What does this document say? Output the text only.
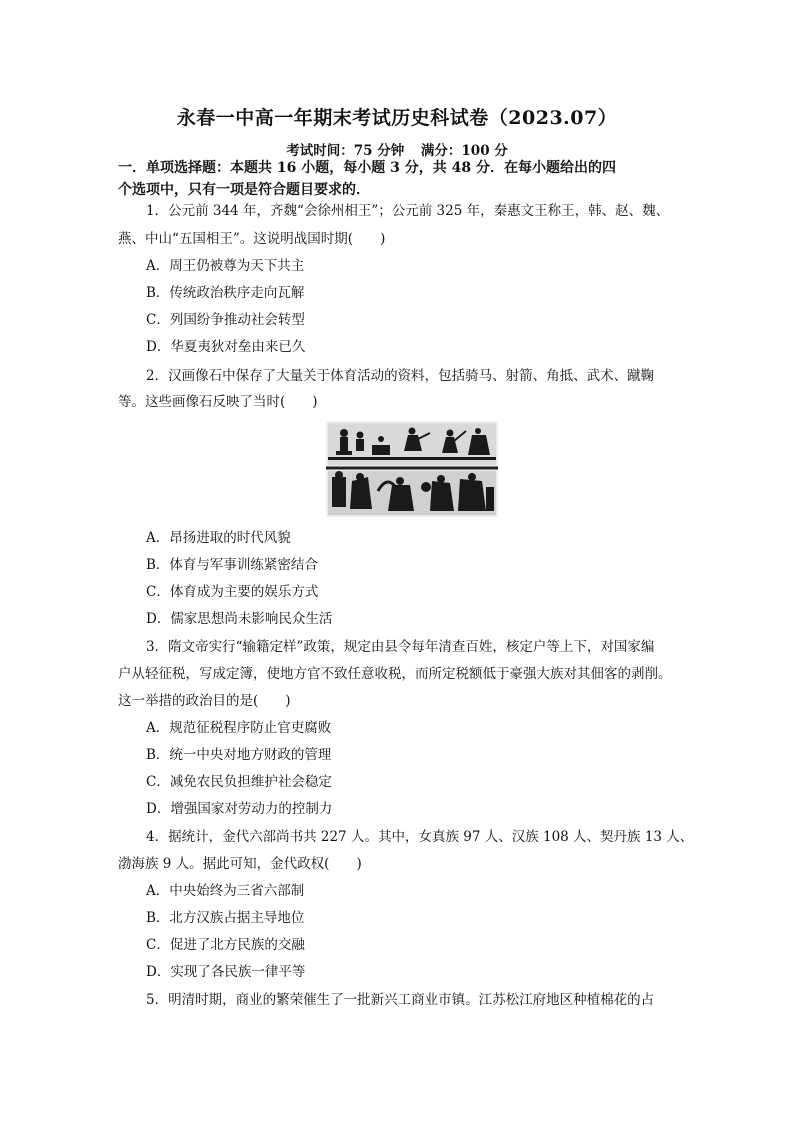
永春一中高一年期末考试历史科试卷（2023.07）
考试时间：75 分钟 满分：100 分
一．单项选择题：本题共 16 小题，每小题 3 分，共 48 分．在每小题给出的四
个选项中，只有一项是符合题目要求的．
1．公元前 344 年，齐魏“会徐州相王”；公元前 325 年，秦惠文王称王，韩、赵、魏、
燕、中山“五国相王”。这说明战国时期(　　)
A．周王仍被尊为天下共主
B．传统政治秩序走向瓦解
C．列国纷争推动社会转型
D．华夏夷狄对垒由来已久
2．汉画像石中保存了大量关于体育活动的资料，包括骑马、射箭、角抵、武术、蹴鞠
等。这些画像石反映了当时(　　)
A．昂扬进取的时代风貌
B．体育与军事训练紧密结合
C．体育成为主要的娱乐方式
D．儒家思想尚未影响民众生活
3．隋文帝实行“输籍定样”政策，规定由县令每年清查百姓，核定户等上下，对国家编
户从轻征税，写成定簿，使地方官不致任意收税，而所定税额低于豪强大族对其佃客的剥削。
这一举措的政治目的是(　　)
A．规范征税程序防止官吏腐败
B．统一中央对地方财政的管理
C．减免农民负担维护社会稳定
D．增强国家对劳动力的控制力
4．据统计，金代六部尚书共 227 人。其中，女真族 97 人、汉族 108 人、契丹族 13 人、
渤海族 9 人。据此可知，金代政权(　　)
A．中央始终为三省六部制
B．北方汉族占据主导地位
C．促进了北方民族的交融
D．实现了各民族一律平等
5．明清时期，商业的繁荣催生了一批新兴工商业市镇。江苏松江府地区种植棉花的占
